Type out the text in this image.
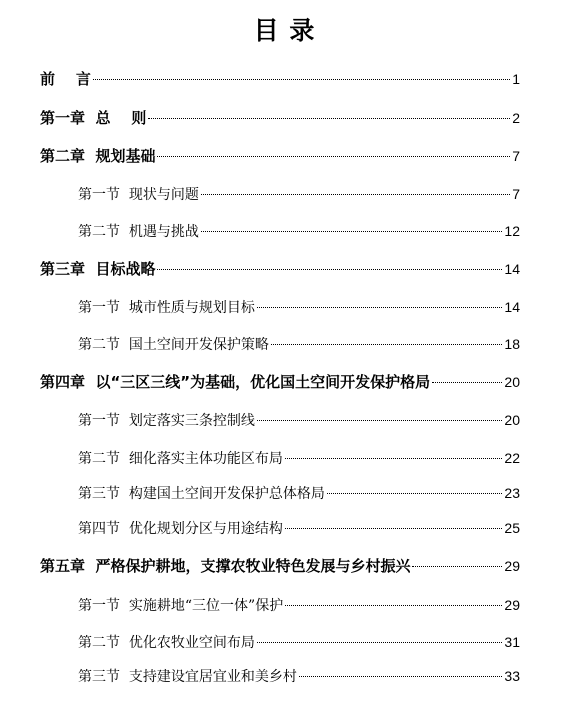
目 录
前    言	1
第一章  总    则	2
第二章  规划基础	7
第一节  现状与问题	7
第二节  机遇与挑战	12
第三章  目标战略	14
第一节  城市性质与规划目标	14
第二节  国土空间开发保护策略	18
第四章  以“三区三线”为基础，优化国土空间开发保护格局	20
第一节  划定落实三条控制线	20
第二节  细化落实主体功能区布局	22
第三节  构建国土空间开发保护总体格局	23
第四节  优化规划分区与用途结构	25
第五章  严格保护耕地，支撑农牧业特色发展与乡村振兴	29
第一节  实施耕地“三位一体”保护	29
第二节  优化农牧业空间布局	31
第三节  支持建设宜居宜业和美乡村	33
